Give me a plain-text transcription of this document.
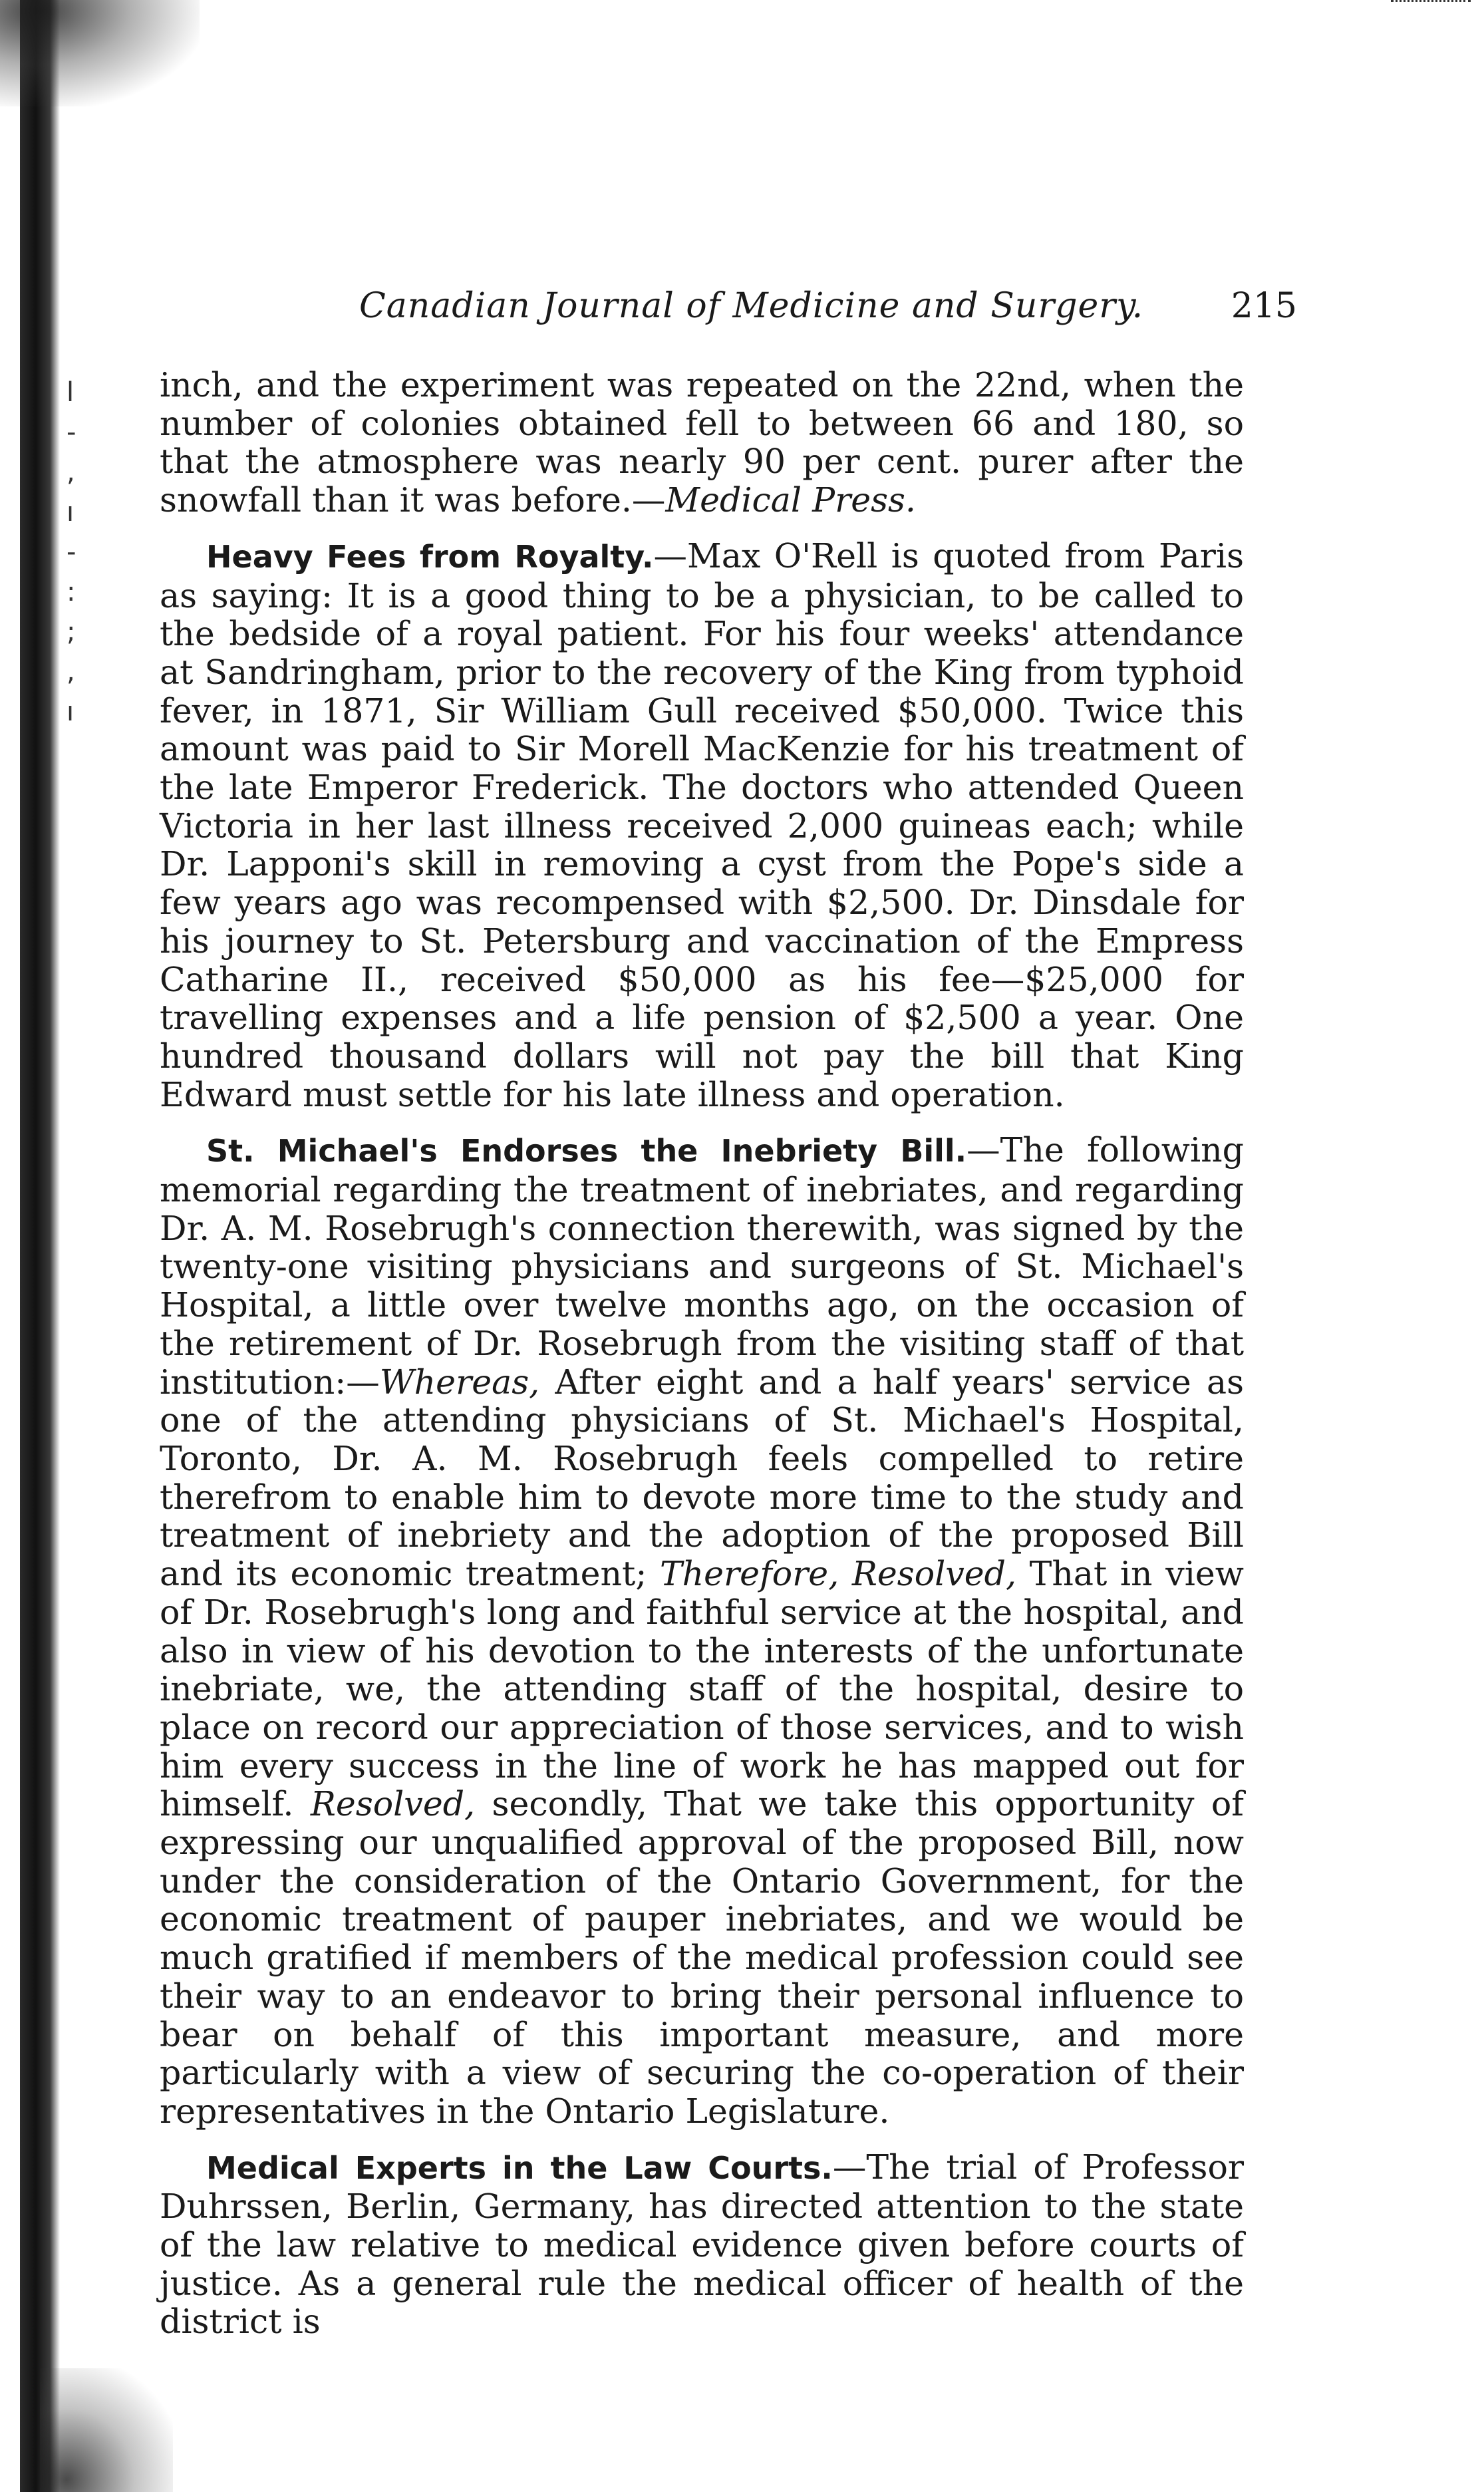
l
-
,
ı
-
:
;
,
ı
Canadian Journal of Medicine and Surgery.	215

inch, and the experiment was repeated on the 22nd, when the number of colonies obtained fell to between 66 and 180, so that the atmosphere was nearly 90 per cent. purer after the snowfall than it was before.—Medical Press.

Heavy Fees from Royalty.—Max O'Rell is quoted from Paris as saying: It is a good thing to be a physician, to be called to the bedside of a royal patient. For his four weeks' attendance at Sandringham, prior to the recovery of the King from typhoid fever, in 1871, Sir William Gull received $50,000. Twice this amount was paid to Sir Morell MacKenzie for his treatment of the late Emperor Frederick. The doctors who attended Queen Victoria in her last illness received 2,000 guineas each; while Dr. Lapponi's skill in removing a cyst from the Pope's side a few years ago was recompensed with $2,500. Dr. Dinsdale for his journey to St. Petersburg and vaccination of the Empress Catharine II., received $50,000 as his fee—$25,000 for travelling expenses and a life pension of $2,500 a year. One hundred thousand dollars will not pay the bill that King Edward must settle for his late illness and operation.

St. Michael's Endorses the Inebriety Bill.—The following memorial regarding the treatment of inebriates, and regarding Dr. A. M. Rosebrugh's connection therewith, was signed by the twenty-one visiting physicians and surgeons of St. Michael's Hospital, a little over twelve months ago, on the occasion of the retirement of Dr. Rosebrugh from the visiting staff of that institution:—Whereas, After eight and a half years' service as one of the attending physicians of St. Michael's Hospital, Toronto, Dr. A. M. Rosebrugh feels compelled to retire therefrom to enable him to devote more time to the study and treatment of inebriety and the adoption of the proposed Bill and its economic treatment; Therefore, Resolved, That in view of Dr. Rosebrugh's long and faithful service at the hospital, and also in view of his devotion to the interests of the unfortunate inebriate, we, the attending staff of the hospital, desire to place on record our appreciation of those services, and to wish him every success in the line of work he has mapped out for himself. Resolved, secondly, That we take this opportunity of expressing our unqualified approval of the proposed Bill, now under the consideration of the Ontario Government, for the economic treatment of pauper inebriates, and we would be much gratified if members of the medical profession could see their way to an endeavor to bring their personal influence to bear on behalf of this important measure, and more particularly with a view of securing the co-operation of their representatives in the Ontario Legislature.

Medical Experts in the Law Courts.—The trial of Professor Duhrssen, Berlin, Germany, has directed attention to the state of the law relative to medical evidence given before courts of justice. As a general rule the medical officer of health of the district is
